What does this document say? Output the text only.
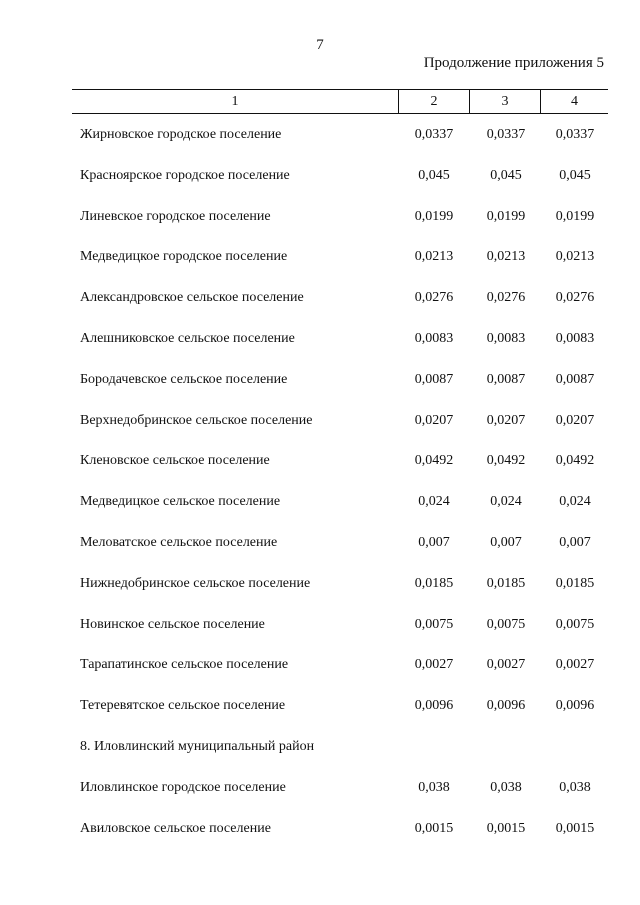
7
Продолжение приложения 5
1	2	3	4
Жирновское городское поселение	0,0337	0,0337	0,0337
Красноярское городское поселение	0,045	0,045	0,045
Линевское городское поселение	0,0199	0,0199	0,0199
Медведицкое городское поселение	0,0213	0,0213	0,0213
Александровское сельское поселение	0,0276	0,0276	0,0276
Алешниковское сельское поселение	0,0083	0,0083	0,0083
Бородачевское сельское поселение	0,0087	0,0087	0,0087
Верхнедобринское сельское поселение	0,0207	0,0207	0,0207
Кленовское сельское поселение	0,0492	0,0492	0,0492
Медведицкое сельское поселение	0,024	0,024	0,024
Меловатское сельское поселение	0,007	0,007	0,007
Нижнедобринское сельское поселение	0,0185	0,0185	0,0185
Новинское сельское поселение	0,0075	0,0075	0,0075
Тарапатинское сельское поселение	0,0027	0,0027	0,0027
Тетеревятское сельское поселение	0,0096	0,0096	0,0096
8. Иловлинский муниципальный район
Иловлинское городское поселение	0,038	0,038	0,038
Авиловское сельское поселение	0,0015	0,0015	0,0015
